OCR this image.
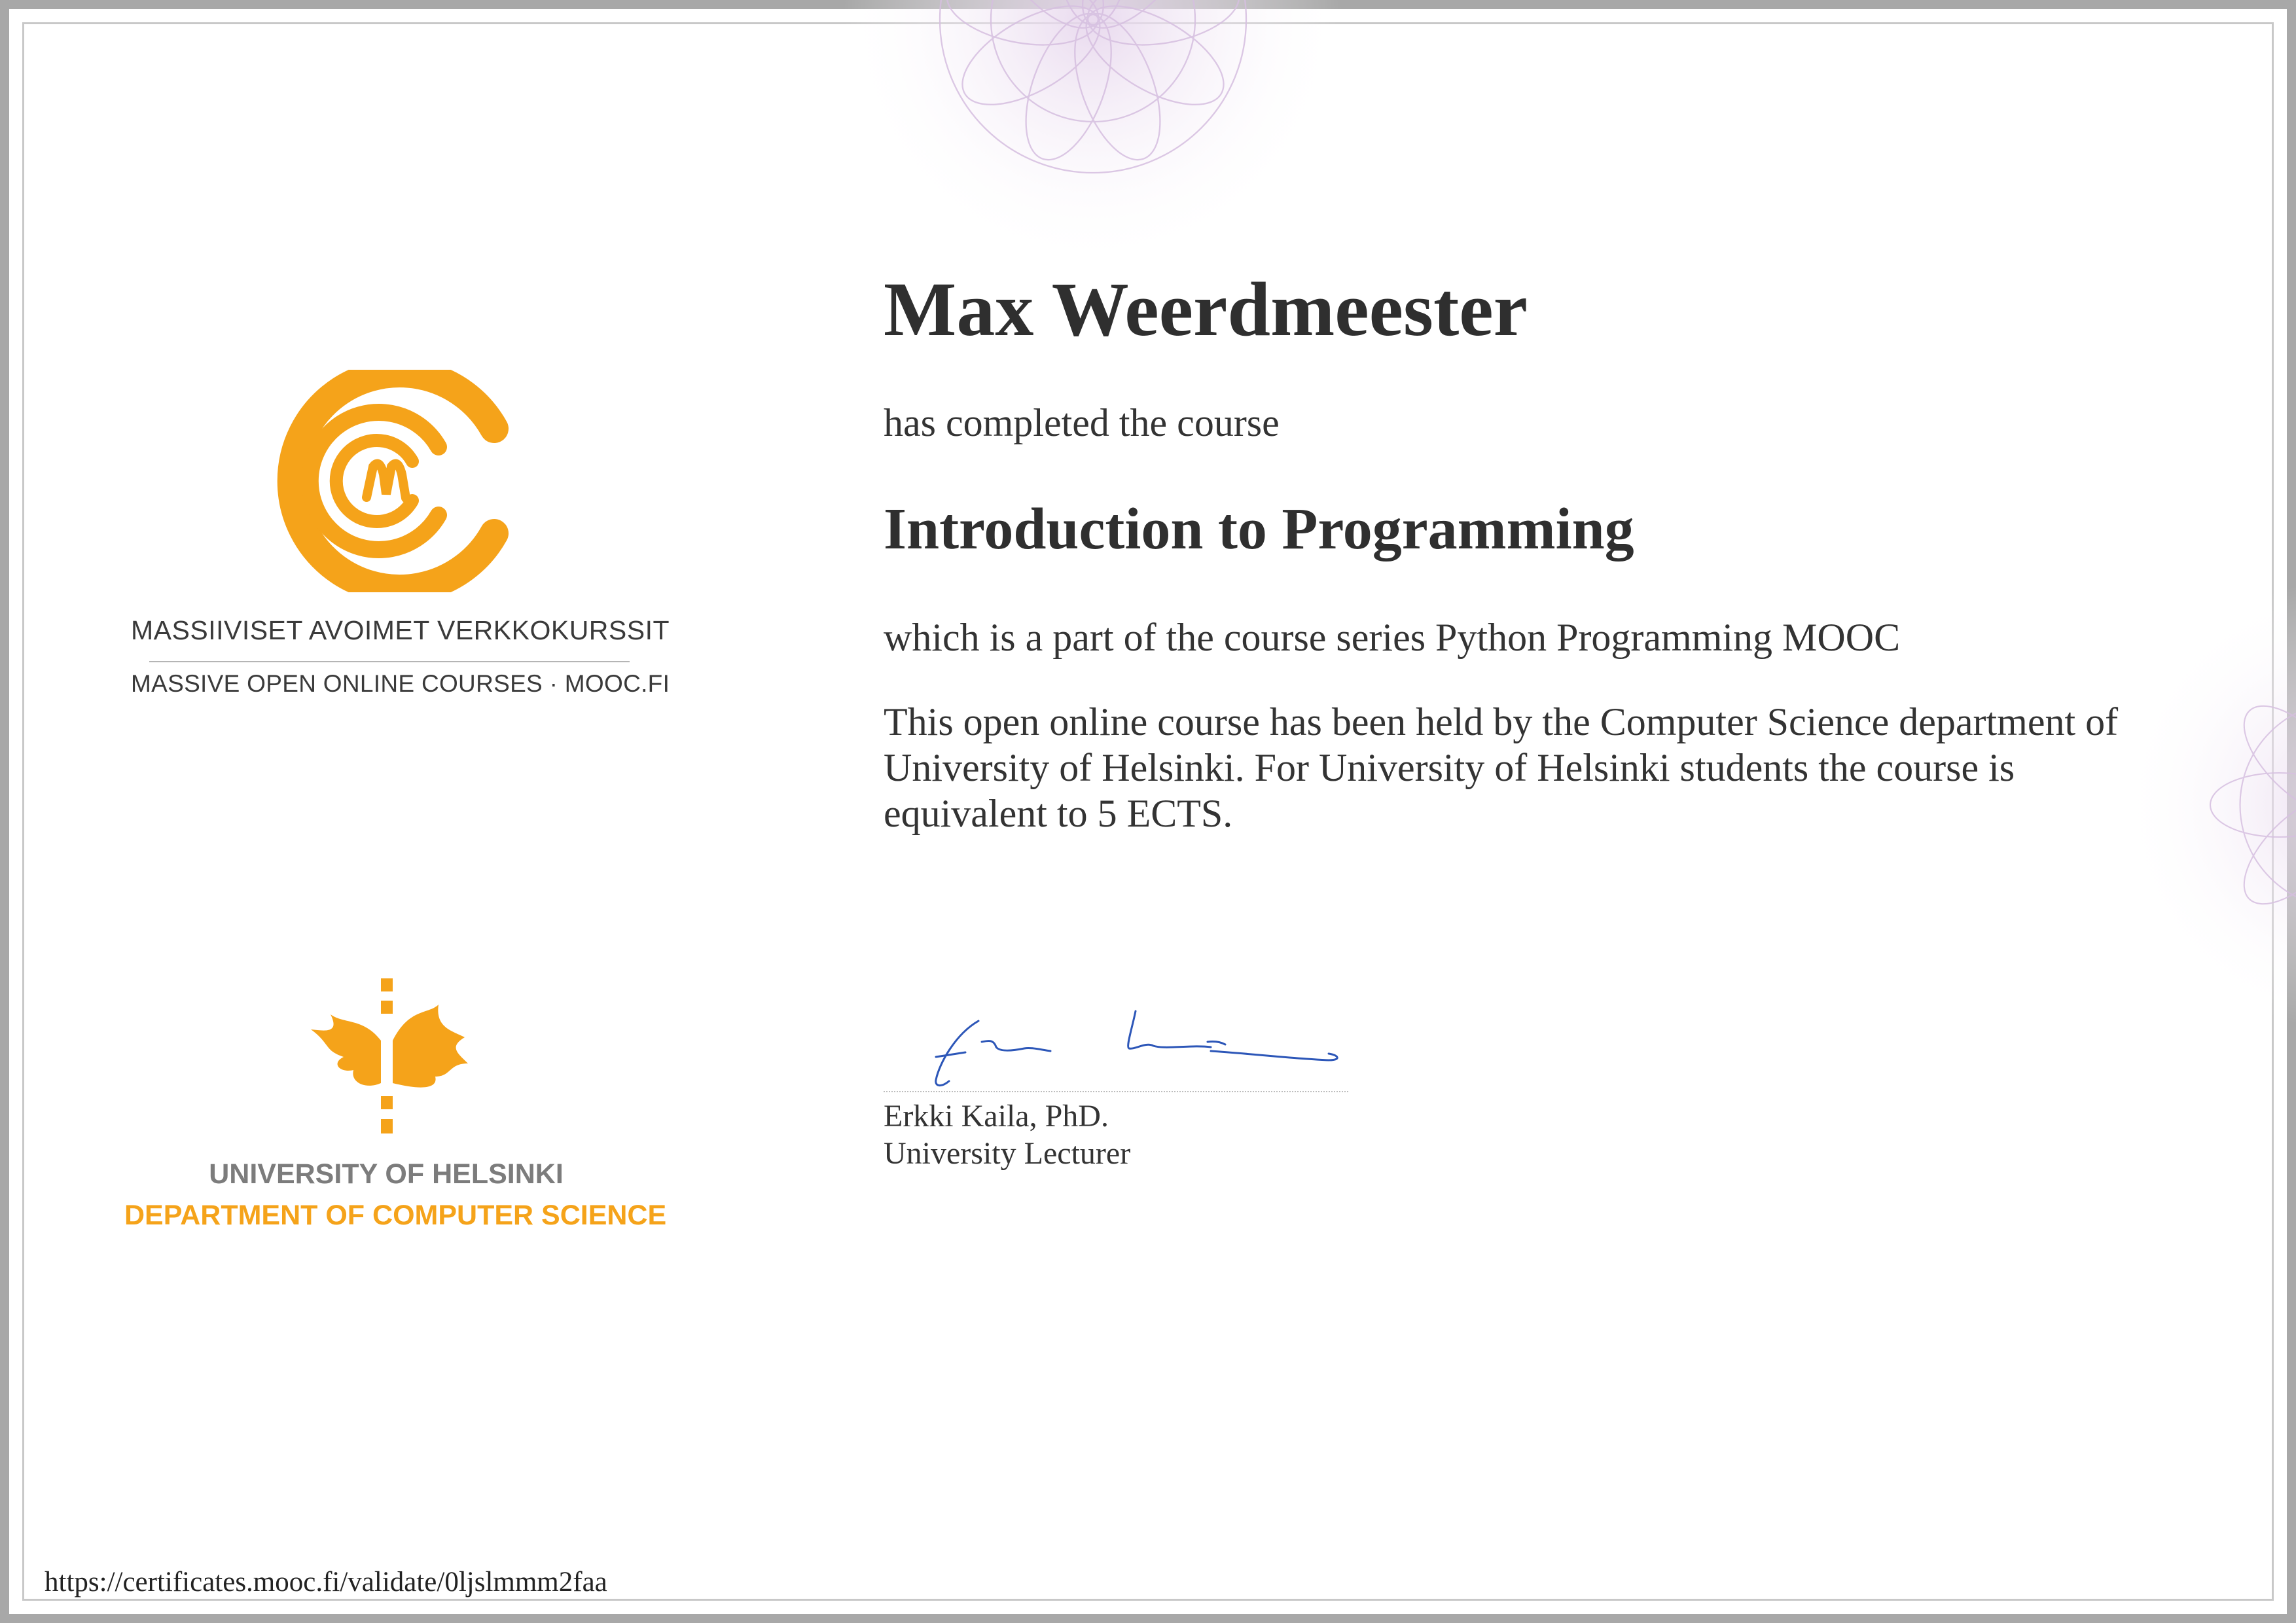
MASSIIVISET AVOIMET VERKKOKURSSIT
MASSIVE OPEN ONLINE COURSES · MOOC.FI
UNIVERSITY OF HELSINKI
DEPARTMENT OF COMPUTER SCIENCE
Max Weerdmeester
has completed the course
Introduction to Programming
which is a part of the course series Python Programming MOOC
This open online course has been held by the Computer Science department of University of Helsinki. For University of Helsinki students the course is equivalent to 5 ECTS.
Erkki Kaila, PhD.
University Lecturer
https://certificates.mooc.fi/validate/0ljslmmm2faa
